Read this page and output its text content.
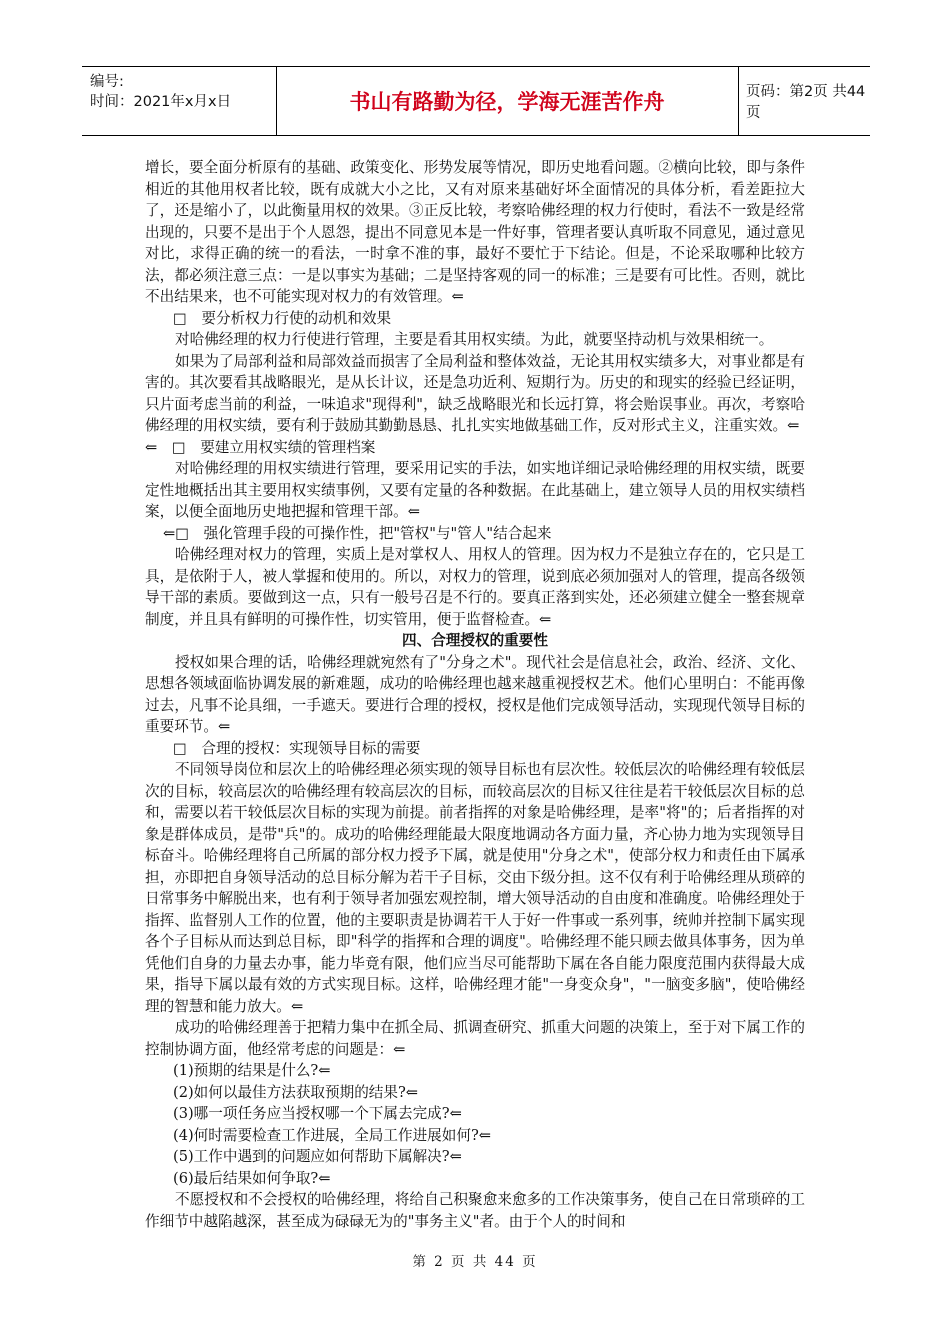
编号:
时间：2021年x月x日	书山有路勤为径，学海无涯苦作舟	页码：第2页 共44页

增长，要全面分析原有的基础、政策变化、形势发展等情况，即历史地看问题。②横向比较，即与条件相近的其他用权者比较，既有成就大小之比，又有对原来基础好坏全面情况的具体分析，看差距拉大了，还是缩小了，以此衡量用权的效果。③正反比较，考察哈佛经理的权力行使时，看法不一致是经常出现的，只要不是出于个人恩怨，提出不同意见本是一件好事，管理者要认真听取不同意见，通过意见对比，求得正确的统一的看法，一时拿不准的事，最好不要忙于下结论。但是，不论采取哪种比较方法，都必须注意三点：一是以事实为基础；二是坚持客观的同一的标准；三是要有可比性。否则，就比不出结果来，也不可能实现对权力的有效管理。⇐

□　要分析权力行使的动机和效果

对哈佛经理的权力行使进行管理，主要是看其用权实绩。为此，就要坚持动机与效果相统一。

如果为了局部利益和局部效益而损害了全局利益和整体效益，无论其用权实绩多大，对事业都是有害的。其次要看其战略眼光，是从长计议，还是急功近利、短期行为。历史的和现实的经验已经证明，只片面考虑当前的利益，一味追求"现得利"，缺乏战略眼光和长远打算，将会贻误事业。再次，考察哈佛经理的用权实绩，要有利于鼓励其勤勤恳恳、扎扎实实地做基础工作，反对形式主义，注重实效。⇐

⇐　□　要建立用权实绩的管理档案

对哈佛经理的用权实绩进行管理，要采用记实的手法，如实地详细记录哈佛经理的用权实绩，既要定性地概括出其主要用权实绩事例，又要有定量的各种数据。在此基础上，建立领导人员的用权实绩档案，以便全面地历史地把握和管理干部。⇐

⇐□　强化管理手段的可操作性，把"管权"与"管人"结合起来

哈佛经理对权力的管理，实质上是对掌权人、用权人的管理。因为权力不是独立存在的，它只是工具，是依附于人，被人掌握和使用的。所以，对权力的管理，说到底必须加强对人的管理，提高各级领导干部的素质。要做到这一点，只有一般号召是不行的。要真正落到实处，还必须建立健全一整套规章制度，并且具有鲜明的可操作性，切实管用，便于监督检查。⇐

四、合理授权的重要性

授权如果合理的话，哈佛经理就宛然有了"分身之术"。现代社会是信息社会，政治、经济、文化、思想各领域面临协调发展的新难题，成功的哈佛经理也越来越重视授权艺术。他们心里明白：不能再像过去，凡事不论具细，一手遮天。要进行合理的授权，授权是他们完成领导活动，实现现代领导目标的重要环节。⇐

□　合理的授权：实现领导目标的需要

不同领导岗位和层次上的哈佛经理必须实现的领导目标也有层次性。较低层次的哈佛经理有较低层次的目标，较高层次的哈佛经理有较高层次的目标，而较高层次的目标又往往是若干较低层次目标的总和，需要以若干较低层次目标的实现为前提。前者指挥的对象是哈佛经理，是率"将"的；后者指挥的对象是群体成员，是带"兵"的。成功的哈佛经理能最大限度地调动各方面力量，齐心协力地为实现领导目标奋斗。哈佛经理将自己所属的部分权力授予下属，就是使用"分身之术"，使部分权力和责任由下属承担，亦即把自身领导活动的总目标分解为若干子目标，交由下级分担。这不仅有利于哈佛经理从琐碎的日常事务中解脱出来，也有利于领导者加强宏观控制，增大领导活动的自由度和准确度。哈佛经理处于指挥、监督别人工作的位置，他的主要职责是协调若干人于好一件事或一系列事，统帅并控制下属实现各个子目标从而达到总目标，即"科学的指挥和合理的调度"。哈佛经理不能只顾去做具体事务，因为单凭他们自身的力量去办事，能力毕竟有限，他们应当尽可能帮助下属在各自能力限度范围内获得最大成果，指导下属以最有效的方式实现目标。这样，哈佛经理才能"一身变众身"，"一脑变多脑"，使哈佛经理的智慧和能力放大。⇐

成功的哈佛经理善于把精力集中在抓全局、抓调查研究、抓重大问题的决策上，至于对下属工作的控制协调方面，他经常考虑的问题是：⇐

(1)预期的结果是什么?⇐

(2)如何以最佳方法获取预期的结果?⇐

(3)哪一项任务应当授权哪一个下属去完成?⇐

(4)何时需要检查工作进展，全局工作进展如何?⇐

(5)工作中遇到的问题应如何帮助下属解决?⇐

(6)最后结果如何争取?⇐

不愿授权和不会授权的哈佛经理，将给自己积聚愈来愈多的工作决策事务，使自己在日常琐碎的工作细节中越陷越深，甚至成为碌碌无为的"事务主义"者。由于个人的时间和

第 2 页 共 44 页
